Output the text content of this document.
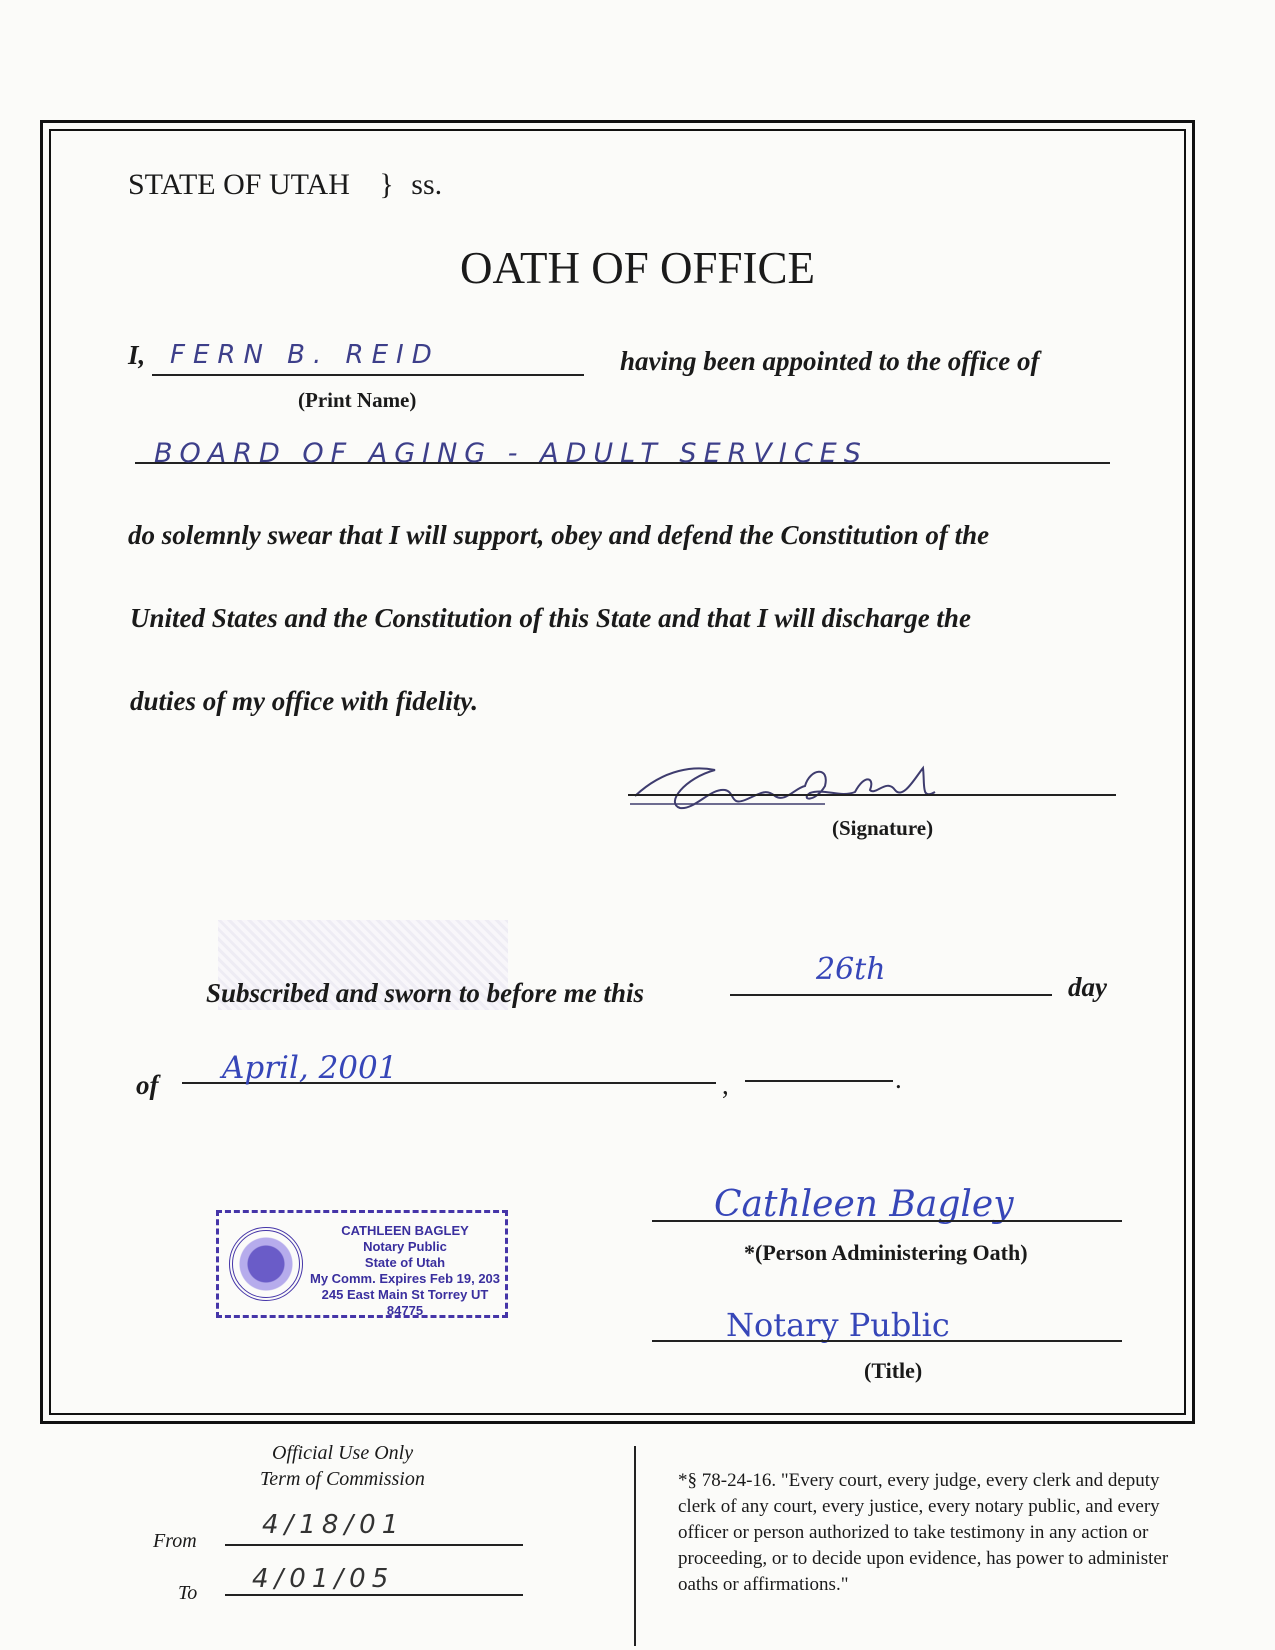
STATE OF UTAH } ss.
OATH OF OFFICE
I, FERN B. REID
(Print Name)
having been appointed to the office of
BOARD OF AGING - ADULT SERVICES
do solemnly swear that I will support, obey and defend the Constitution of the
United States and the Constitution of this State and that I will discharge the
duties of my office with fidelity.
(Signature)
Subscribed and sworn to before me this
26th	day
of April, 2001	,	.
CATHLEEN BAGLEY
Notary Public
State of Utah
My Comm. Expires Feb 19, 203
245 East Main St Torrey UT 84775
Cathleen Bagley
*(Person Administering Oath)
Notary Public
(Title)
Official Use Only
Term of Commission
From
4/18/01
To 4/01/05
*§ 78-24-16. "Every court, every judge, every clerk and deputy clerk of any court, every justice, every notary public, and every officer or person authorized to take testimony in any action or proceeding, or to decide upon evidence, has power to administer oaths or affirmations."
